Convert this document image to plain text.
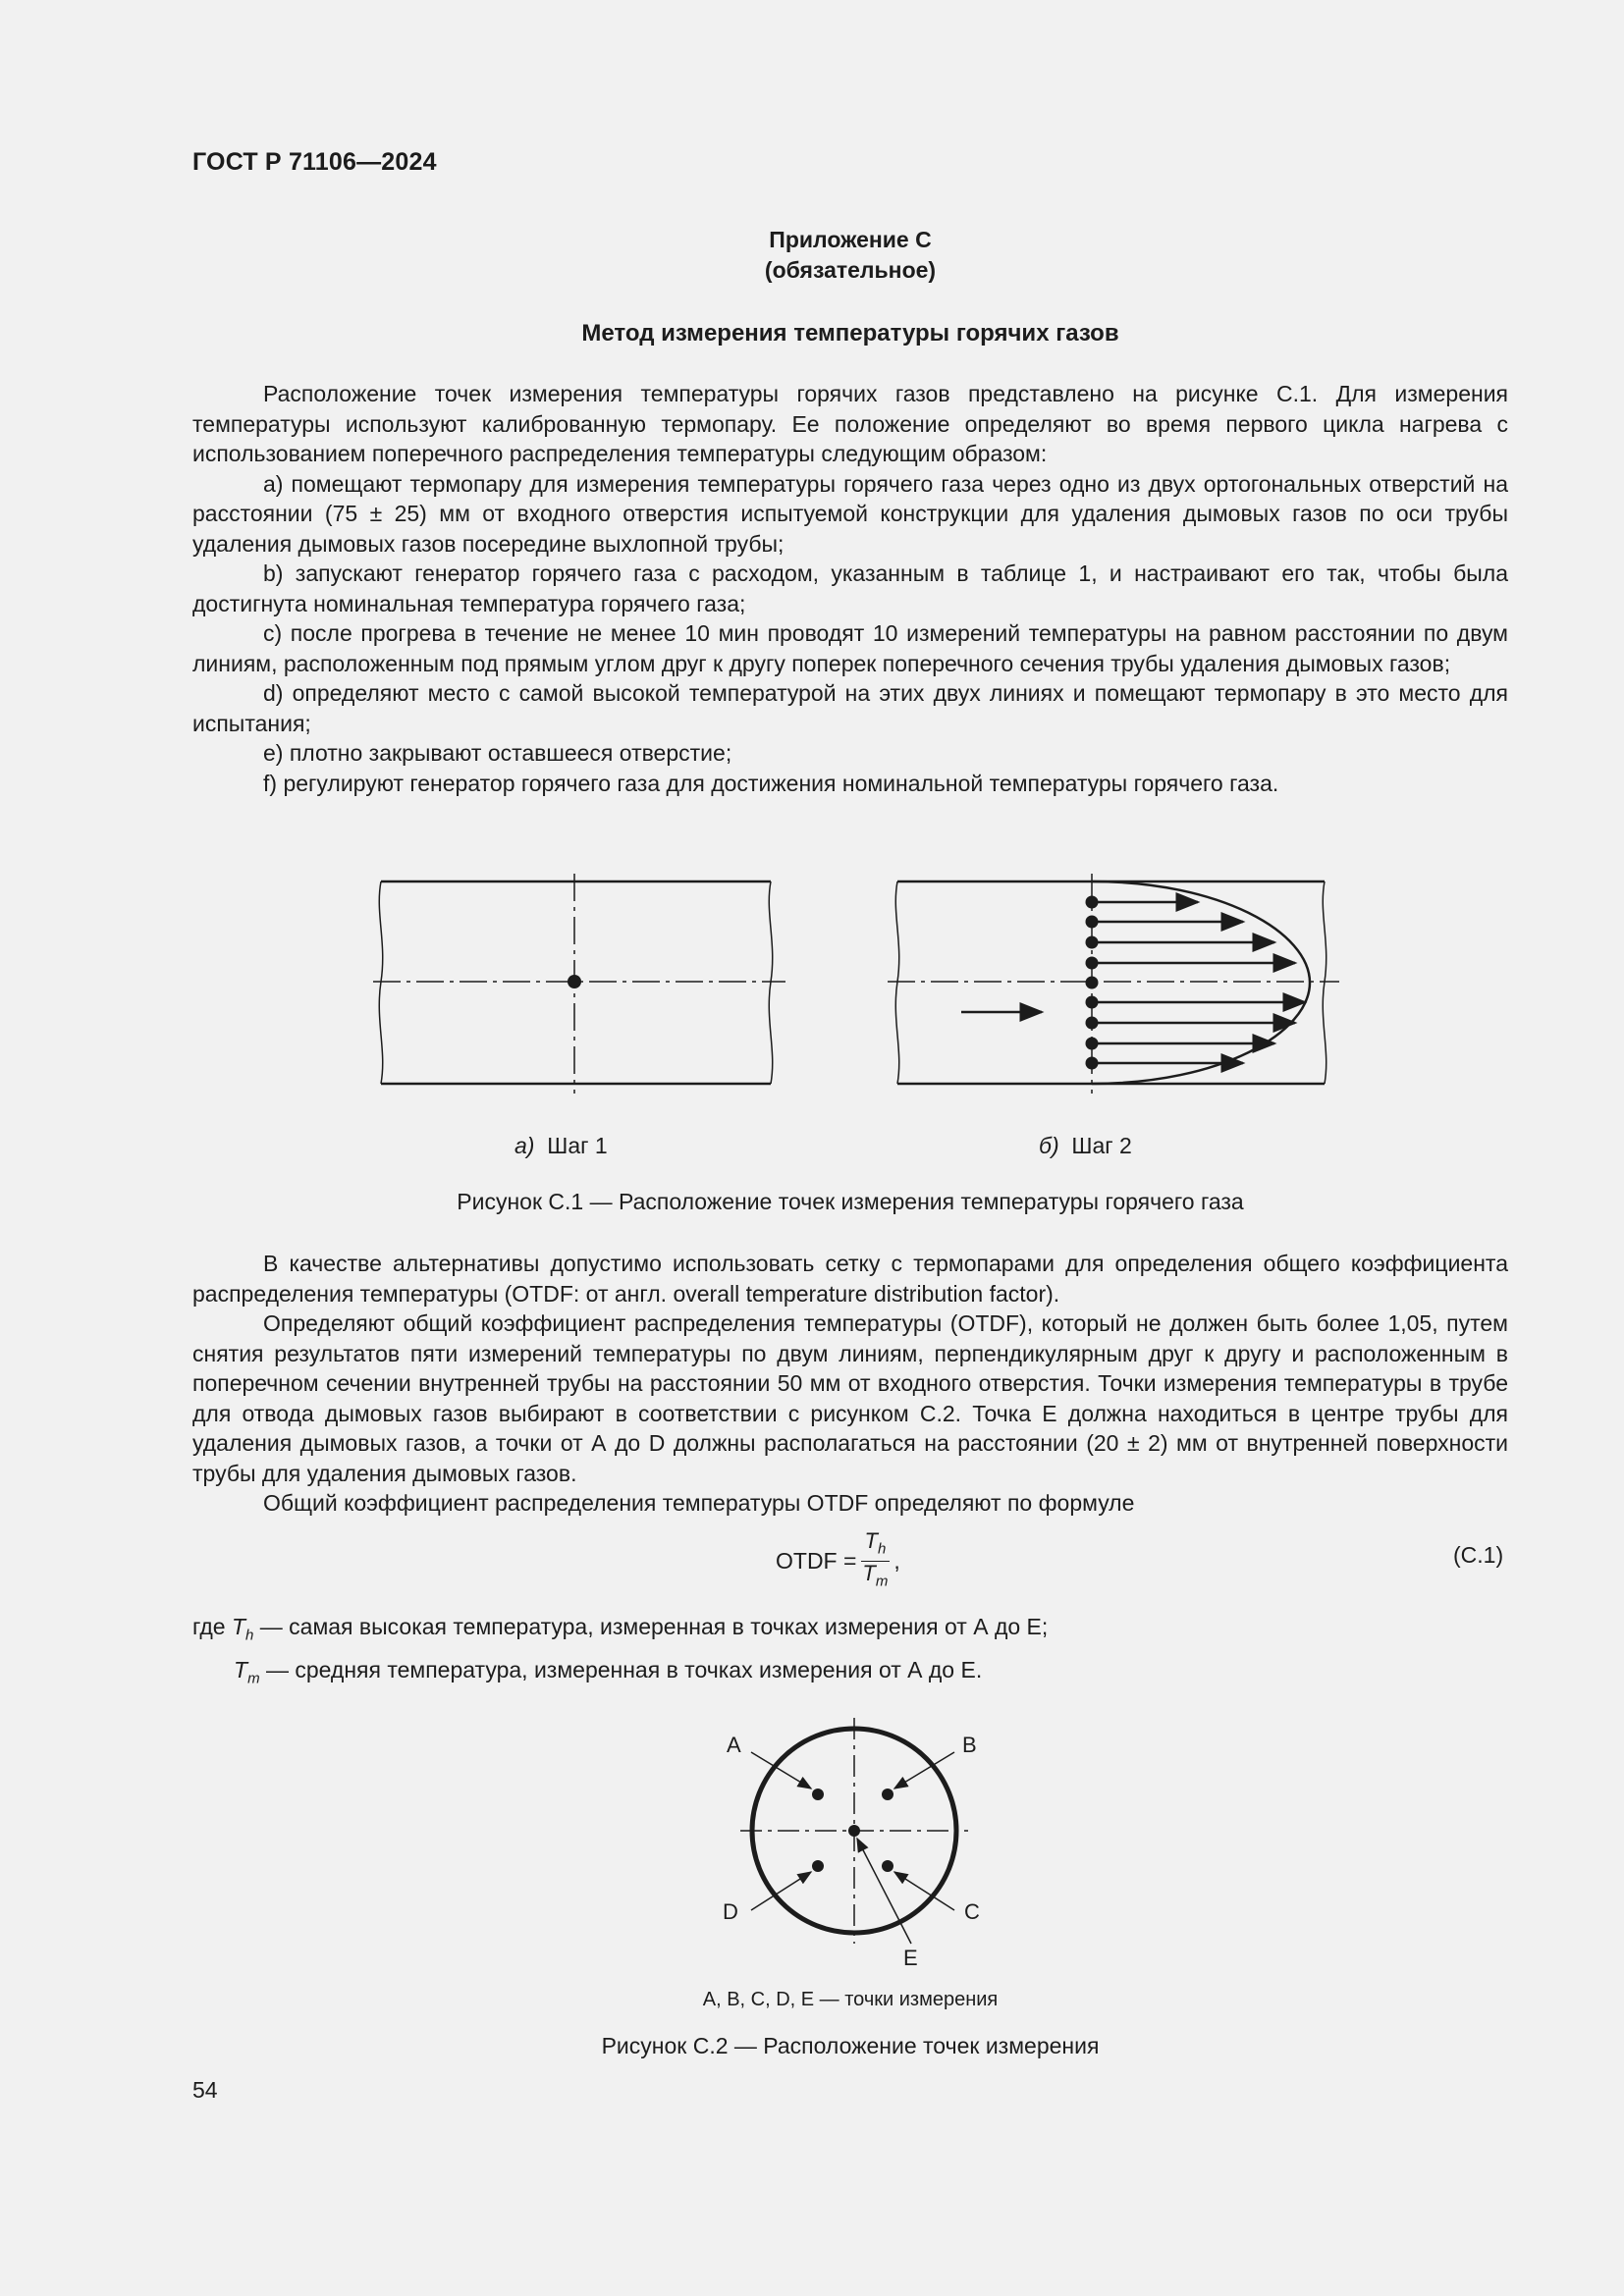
ГОСТ Р 71106—2024
Приложение С
(обязательное)
Метод измерения температуры горячих газов

Расположение точек измерения температуры горячих газов представлено на рисунке С.1. Для измерения температуры используют калиброванную термопару. Ее положение определяют во время первого цикла нагрева с использованием поперечного распределения температуры следующим образом:

a) помещают термопару для измерения температуры горячего газа через одно из двух ортогональных отверстий на расстоянии (75 ± 25) мм от входного отверстия испытуемой конструкции для удаления дымовых газов по оси трубы удаления дымовых газов посередине выхлопной трубы;

b) запускают генератор горячего газа с расходом, указанным в таблице 1, и настраивают его так, чтобы была достигнута номинальная температура горячего газа;

c) после прогрева в течение не менее 10 мин проводят 10 измерений температуры на равном расстоянии по двум линиям, расположенным под прямым углом друг к другу поперек поперечного сечения трубы удаления дымовых газов;

d) определяют место с самой высокой температурой на этих двух линиях и помещают термопару в это место для испытания;

e) плотно закрывают оставшееся отверстие;

f) регулируют генератор горячего газа для достижения номинальной температуры горячего газа.

а) Шаг 1	б) Шаг 2
Рисунок С.1 — Расположение точек измерения температуры горячего газа

В качестве альтернативы допустимо использовать сетку с термопарами для определения общего коэффициента распределения температуры (OTDF: от англ. overall temperature distribution factor).

Определяют общий коэффициент распределения температуры (OTDF), который не должен быть более 1,05, путем снятия результатов пяти измерений температуры по двум линиям, перпендикулярным друг к другу и расположенным в поперечном сечении внутренней трубы на расстоянии 50 мм от входного отверстия. Точки измерения температуры в трубе для отвода дымовых газов выбирают в соответствии с рисунком С.2. Точка Е должна находиться в центре трубы для удаления дымовых газов, а точки от А до D должны располагаться на расстоянии (20 ± 2) мм от внутренней поверхности трубы для удаления дымовых газов.

Общий коэффициент распределения температуры OTDF определяют по формуле

OTDF = $\frac{T_h}{T_m}$ ,	(С.1)
где $T_h$ — самая высокая температура, измеренная в точках измерения от А до Е;
$T_m$ — средняя температура, измеренная в точках измерения от А до Е.
A	B
C
D
E
A, B, C, D, E — точки измерения
Рисунок С.2 — Расположение точек измерения
54
